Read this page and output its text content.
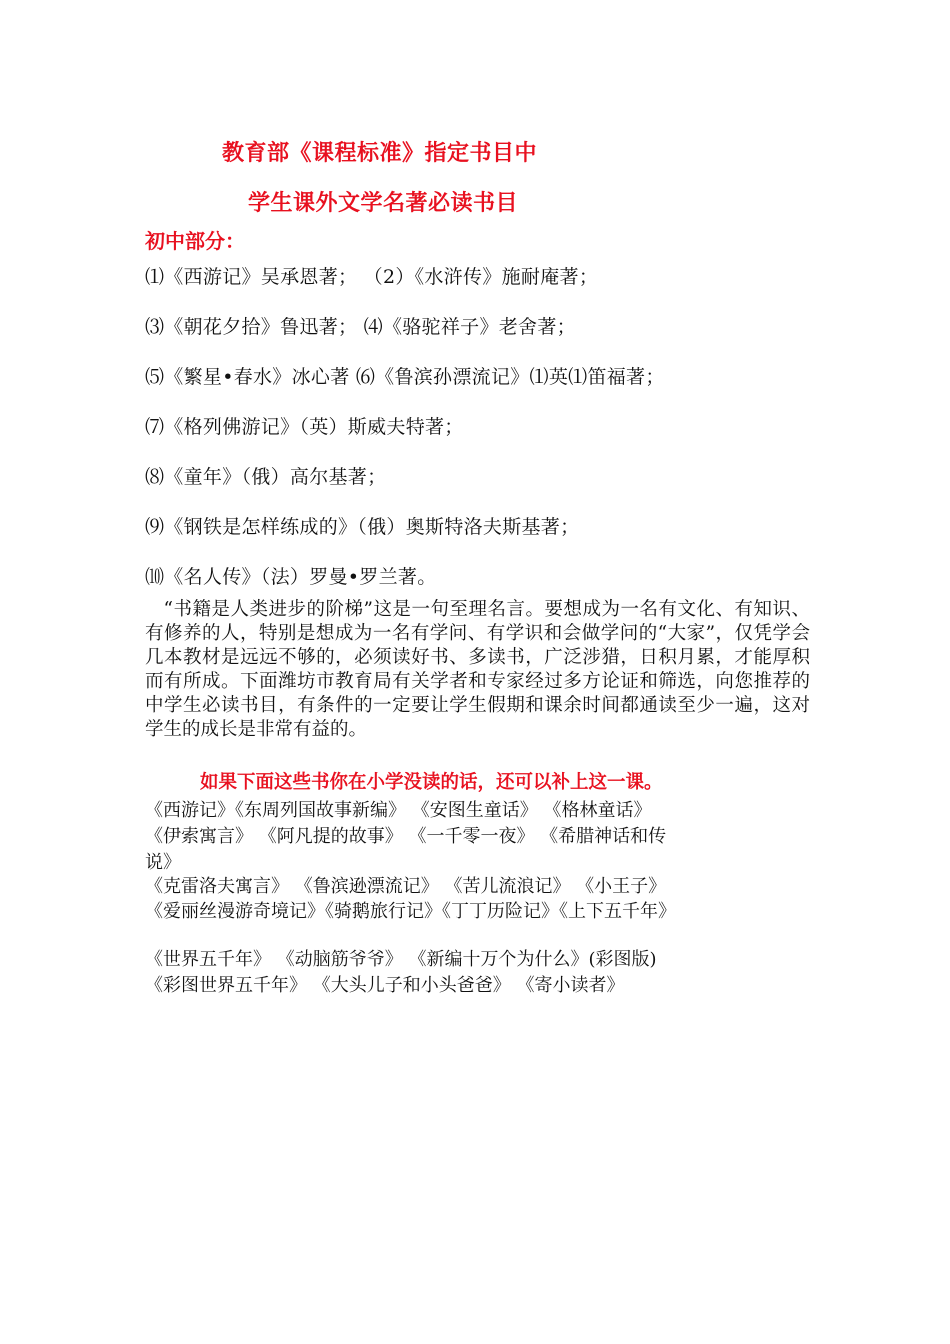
教育部《课程标准》指定书目中
学生课外文学名著必读书目
初中部分：
⑴《西游记》吴承恩著； （2）《水浒传》施耐庵著；
⑶《朝花夕拾》鲁迅著； ⑷《骆驼祥子》老舍著；
⑸《繁星•春水》冰心著 ⑹《鲁滨孙漂流记》⑴英⑴笛福著；
⑺《格列佛游记》（英）斯威夫特著；
⑻《童年》（俄）高尔基著；
⑼《钢铁是怎样练成的》（俄）奥斯特洛夫斯基著；
⑽《名人传》（法）罗曼•罗兰著。

“书籍是人类进步的阶梯”这是一句至理名言。要想成为一名有文化、有知识、有修养的人，特别是想成为一名有学问、有学识和会做学问的“大家”，仅凭学会几本教材是远远不够的，必须读好书、多读书，广泛涉猎，日积月累，才能厚积而有所成。下面潍坊市教育局有关学者和专家经过多方论证和筛选，向您推荐的中学生必读书目，有条件的一定要让学生假期和课余时间都通读至少一遍，这对学生的成长是非常有益的。

如果下面这些书你在小学没读的话，还可以补上这一课。

《西游记》《东周列国故事新编》 《安图生童话》 《格林童话》
《伊索寓言》 《阿凡提的故事》 《一千零一夜》 《希腊神话和传
说》
《克雷洛夫寓言》 《鲁滨逊漂流记》 《苦儿流浪记》 《小王子》
《爱丽丝漫游奇境记》《骑鹅旅行记》《丁丁历险记》《上下五千年》
《世界五千年》 《动脑筋爷爷》 《新编十万个为什么》(彩图版)
《彩图世界五千年》 《大头儿子和小头爸爸》 《寄小读者》
